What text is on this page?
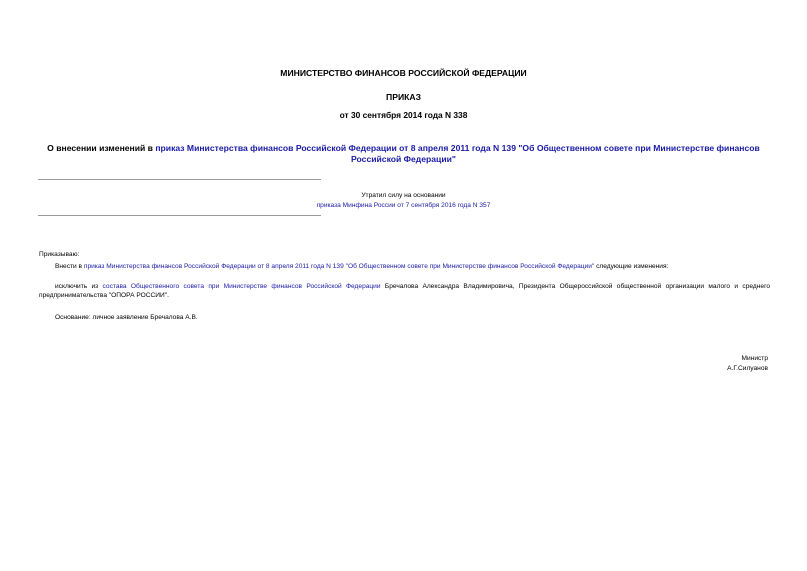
МИНИСТЕРСТВО ФИНАНСОВ РОССИЙСКОЙ ФЕДЕРАЦИИ
ПРИКАЗ
от 30 сентября 2014 года N 338
О внесении изменений в приказ Министерства финансов Российской Федерации от 8 апреля 2011 года N 139 "Об Общественном совете при Министерстве финансов Российской Федерации"
Утратил силу на основании
приказа Минфина России от 7 сентября 2016 года N 357
Приказываю:
Внести в приказ Министерства финансов Российской Федерации от 8 апреля 2011 года N 139 "Об Общественном совете при Министерстве финансов Российской Федерации" следующие изменения:
исключить из состава Общественного совета при Министерстве финансов Российской Федерации Бречалова Александра Владимировича, Президента Общероссийской общественной организации малого и среднего предпринимательства "ОПОРА РОССИИ".
Основание: личное заявление Бречалова А.В.
Министр
А.Г.Силуанов
